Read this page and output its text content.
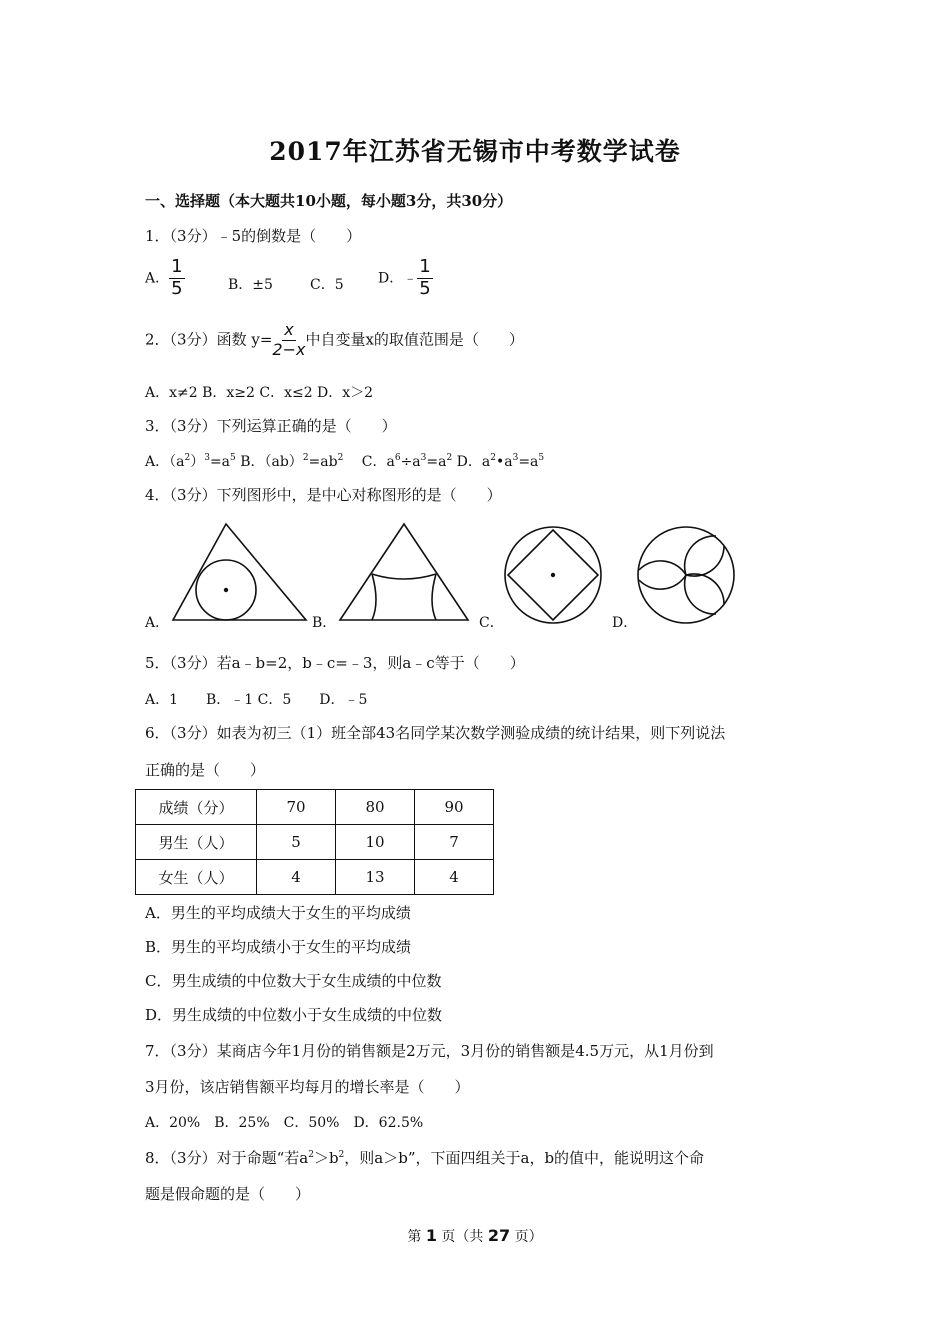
2017年江苏省无锡市中考数学试卷
一、选择题（本大题共10小题，每小题3分，共30分）
1．（3分）﹣5的倒数是（　　）
A． $\frac{1}{5}$	B．±5	C．5 D．﹣ $\frac{1}{5}$
2．（3分）函数 $y= \frac{x}{2-x}$ 中自变量x的取值范围是（　　）
A．x≠2 B．x≥2 C．x≤2 D．x＞2
3．（3分）下列运算正确的是（　　）
A．$(a^2)^3=a^5$ B．$(ab)^2=ab^2$　 C．$a^6\div a^3=a^2$ D．$a^2•a^3=a^5$
4．（3分）下列图形中，是中心对称图形的是（　　）
A．	B．	C．	D．
5．（3分）若a﹣b=2，b﹣c=﹣3，则a﹣c等于（　　）
A．1　　B．﹣1 C．5　　D．﹣5
6．（3分）如表为初三（1）班全部43名同学某次数学测验成绩的统计结果，则下列说法
正确的是（　　）
成绩（分）	70	80	90
男生（人）	5	10	7
女生（人）	4	13	4
A．男生的平均成绩大于女生的平均成绩
B．男生的平均成绩小于女生的平均成绩
C．男生成绩的中位数大于女生成绩的中位数
D．男生成绩的中位数小于女生成绩的中位数
7．（3分）某商店今年1月份的销售额是2万元，3月份的销售额是4.5万元，从1月份到
3月份，该店销售额平均每月的增长率是（　　）
A．20%　B．25%　C．50%　D．62.5%
8．（3分）对于命题“若$a^2>b^2$，则a＞b”，下面四组关于a，b的值中，能说明这个命
题是假命题的是（　　）
第 1 页（共 27 页）
